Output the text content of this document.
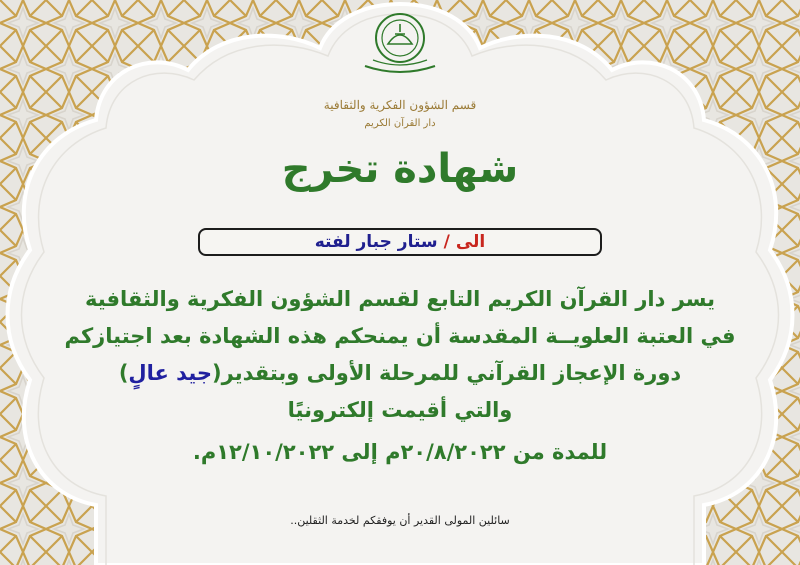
قسم الشؤون الفكرية والثقافية
دار القرآن الكريم
شهادة تخرج
الى/ستار جبار لفته
يسر دار القرآن الكريم التابع لقسم الشؤون الفكرية والثقافية
في العتبة العلويــة المقدسة أن يمنحكم هذه الشهادة بعد اجتيازكم
دورة الإعجاز القرآني للمرحلة الأولى وبتقدير(جيد عالٍ)
والتي أقيمت إلكترونيًا
للمدة من ٢٠/٨/٢٠٢٢م إلى ١٢/١٠/٢٠٢٢م.
سائلين المولى القدير أن يوفقكم لخدمة الثقلين..
